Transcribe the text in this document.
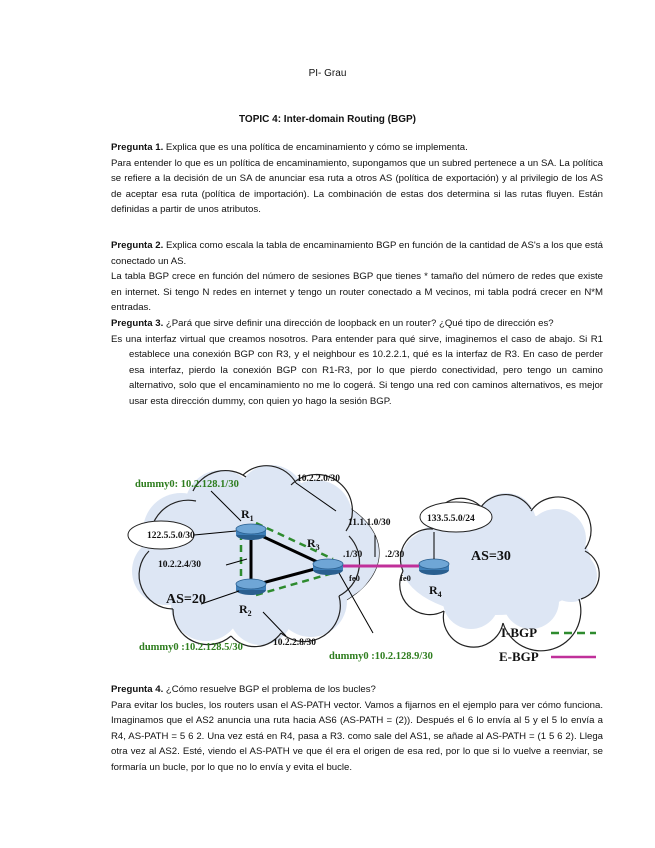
PI- Grau
TOPIC 4: Inter-domain Routing (BGP)

Pregunta 1. Explica que es una política de encaminamiento y cómo se implementa.

Para entender lo que es un política de encaminamiento, supongamos que un subred pertenece a un SA. La política se refiere a la decisión de un SA de anunciar esa ruta a otros AS (política de exportación) y al privilegio de los AS de aceptar esa ruta (política de importación). La combinación de estas dos determina si las rutas fluyen. Están definidas a partir de unos atributos.

Pregunta 2. Explica como escala la tabla de encaminamiento BGP en función de la cantidad de AS's a los que está conectado un AS.

La tabla BGP crece en función del número de sesiones BGP que tienes * tamaño del número de redes que existe en internet. Si tengo N redes en internet y tengo un router conectado a M vecinos, mi tabla podrá crecer en N*M entradas.

Pregunta 3. ¿Pará que sirve definir una dirección de loopback en un router? ¿Qué tipo de dirección es?

Es una interfaz virtual que creamos nosotros. Para entender para qué sirve, imaginemos el caso de abajo. Si R1 establece una conexión BGP con R3, y el neighbour es 10.2.2.1, qué es la interfaz de R3. En caso de perder esa interfaz, pierdo la conexión BGP con R1-R3, por lo que pierdo conectividad, pero tengo un camino alternativo, solo que el encaminamiento no me lo cogerá. Si tengo una red con caminos alternativos, es mejor usar esta dirección dummy, con quien yo hago la sesión BGP.

dummy0: 10.2.128.1/30	10.2.2.0/30
$R_1$
122.5.5.0/30
10.2.2.4/30
$R_3$
AS=20
$R_2$
11.1.1.0/30
.1/30 .2/30
fe0	fe0
133.5.5.0/24
AS=30
$R_4$
10.2.2.8/30
dummy0 :10.2.128.5/30
dummy0 :10.2.128.9/30
I-BGP
E-BGP

Pregunta 4. ¿Cómo resuelve BGP el problema de los bucles?

Para evitar los bucles, los routers usan el AS-PATH vector. Vamos a fijarnos en el ejemplo para ver cómo funciona. Imaginamos que el AS2 anuncia una ruta hacia AS6 (AS-PATH = (2)). Después el 6 lo envía al 5 y el 5 lo envía a R4, AS-PATH = 5 6 2. Una vez está en R4, pasa a R3. como sale del AS1, se añade al AS-PATH = (1 5 6 2). Llega otra vez al AS2. Esté, viendo el AS-PATH ve que él era el origen de esa red, por lo que si lo vuelve a reenviar, se formaría un bucle, por lo que no lo envía y evita el bucle.
